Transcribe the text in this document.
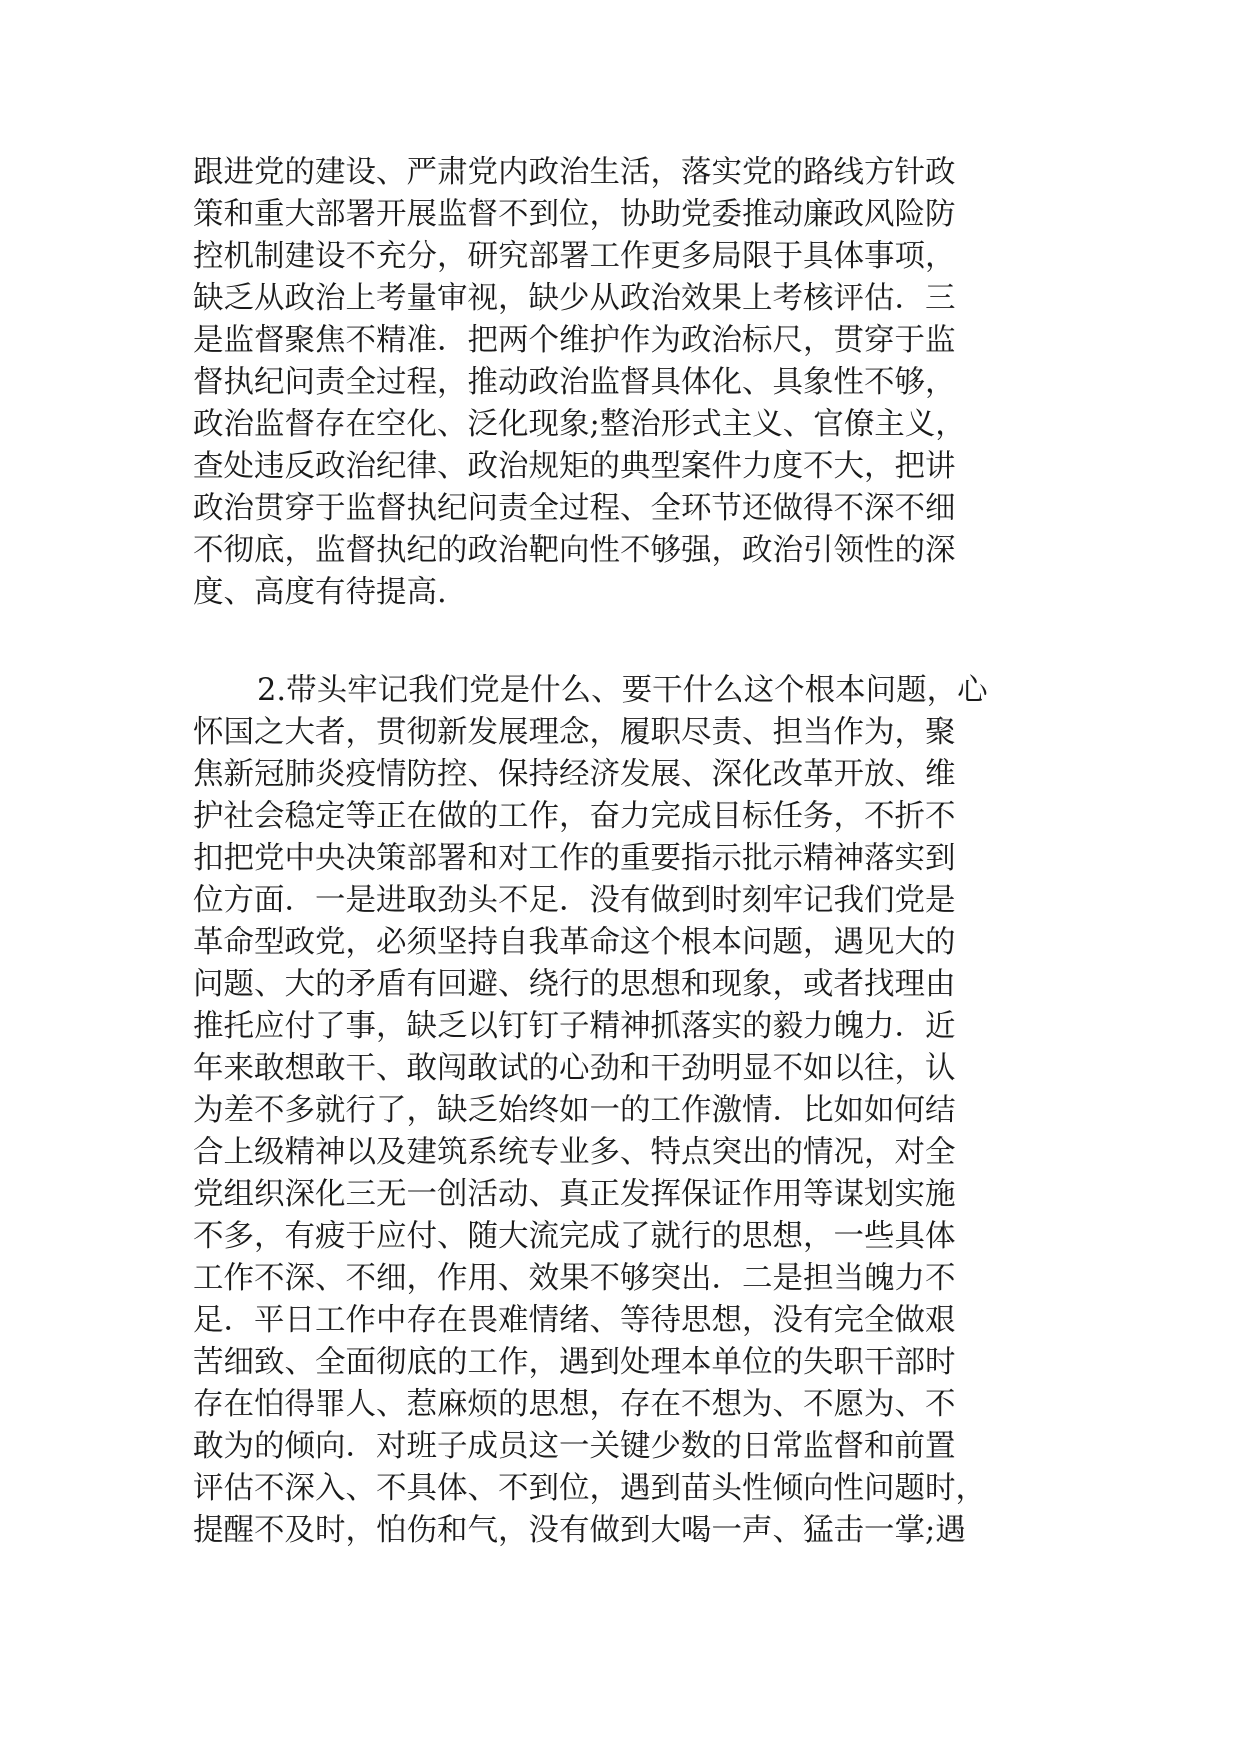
跟进党的建设、严肃党内政治生活，落实党的路线方针政
策和重大部署开展监督不到位，协助党委推动廉政风险防
控机制建设不充分，研究部署工作更多局限于具体事项，
缺乏从政治上考量审视，缺少从政治效果上考核评估．三
是监督聚焦不精准．把两个维护作为政治标尺，贯穿于监
督执纪问责全过程，推动政治监督具体化、具象性不够，
政治监督存在空化、泛化现象;整治形式主义、官僚主义，
查处违反政治纪律、政治规矩的典型案件力度不大，把讲
政治贯穿于监督执纪问责全过程、全环节还做得不深不细
不彻底，监督执纪的政治靶向性不够强，政治引领性的深
度、高度有待提高.
2.带头牢记我们党是什么、要干什么这个根本问题，心
怀国之大者，贯彻新发展理念，履职尽责、担当作为，聚
焦新冠肺炎疫情防控、保持经济发展、深化改革开放、维
护社会稳定等正在做的工作，奋力完成目标任务，不折不
扣把党中央决策部署和对工作的重要指示批示精神落实到
位方面．一是进取劲头不足．没有做到时刻牢记我们党是
革命型政党，必须坚持自我革命这个根本问题，遇见大的
问题、大的矛盾有回避、绕行的思想和现象，或者找理由
推托应付了事，缺乏以钉钉子精神抓落实的毅力魄力．近
年来敢想敢干、敢闯敢试的心劲和干劲明显不如以往，认
为差不多就行了，缺乏始终如一的工作激情．比如如何结
合上级精神以及建筑系统专业多、特点突出的情况，对全
党组织深化三无一创活动、真正发挥保证作用等谋划实施
不多，有疲于应付、随大流完成了就行的思想，一些具体
工作不深、不细，作用、效果不够突出．二是担当魄力不
足．平日工作中存在畏难情绪、等待思想，没有完全做艰
苦细致、全面彻底的工作，遇到处理本单位的失职干部时
存在怕得罪人、惹麻烦的思想，存在不想为、不愿为、不
敢为的倾向．对班子成员这一关键少数的日常监督和前置
评估不深入、不具体、不到位，遇到苗头性倾向性问题时，
提醒不及时，怕伤和气，没有做到大喝一声、猛击一掌;遇
